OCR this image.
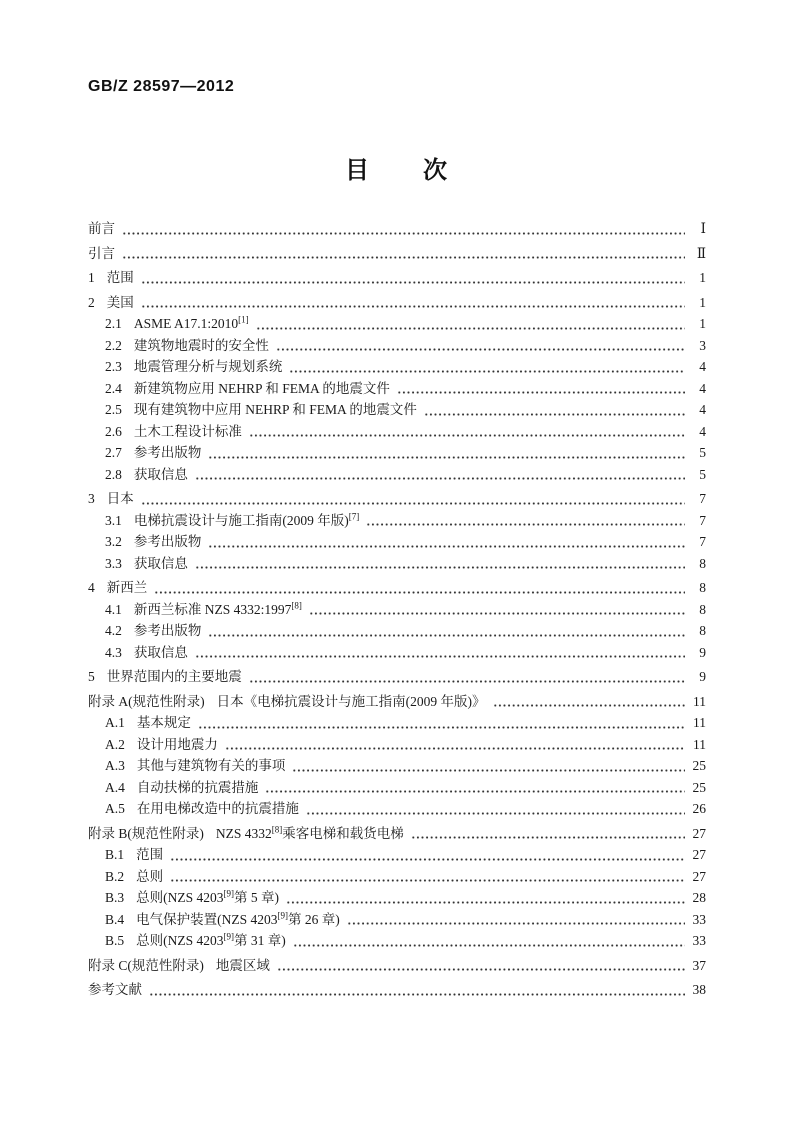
GB/Z 28597—2012
目　　次
前言	Ⅰ
引言	Ⅱ
1 范围	1
2 美国	1
2.1 ASME A17.1:2010[1]	1
2.2 建筑物地震时的安全性	3
2.3 地震管理分析与规划系统	4
2.4 新建筑物应用 NEHRP 和 FEMA 的地震文件	4
2.5 现有建筑物中应用 NEHRP 和 FEMA 的地震文件	4
2.6 土木工程设计标准	4
2.7 参考出版物	5
2.8 获取信息	5
3 日本	7
3.1 电梯抗震设计与施工指南(2009 年版)[7]	7
3.2 参考出版物	7
3.3 获取信息	8
4 新西兰	8
4.1 新西兰标准 NZS 4332:1997[8]	8
4.2 参考出版物	8
4.3 获取信息	9
5 世界范围内的主要地震	9
附录 A(规范性附录) 日本《电梯抗震设计与施工指南(2009 年版)》	11
A.1 基本规定	11
A.2 设计用地震力	11
A.3 其他与建筑物有关的事项	25
A.4 自动扶梯的抗震措施	25
A.5 在用电梯改造中的抗震措施	26
附录 B(规范性附录) NZS 4332[8]乘客电梯和载货电梯	27
B.1 范围	27
B.2 总则	27
B.3 总则(NZS 4203[9]第 5 章)	28
B.4 电气保护装置(NZS 4203[9]第 26 章)	33
B.5 总则(NZS 4203[9]第 31 章)	33
附录 C(规范性附录) 地震区域	37
参考文献	38
